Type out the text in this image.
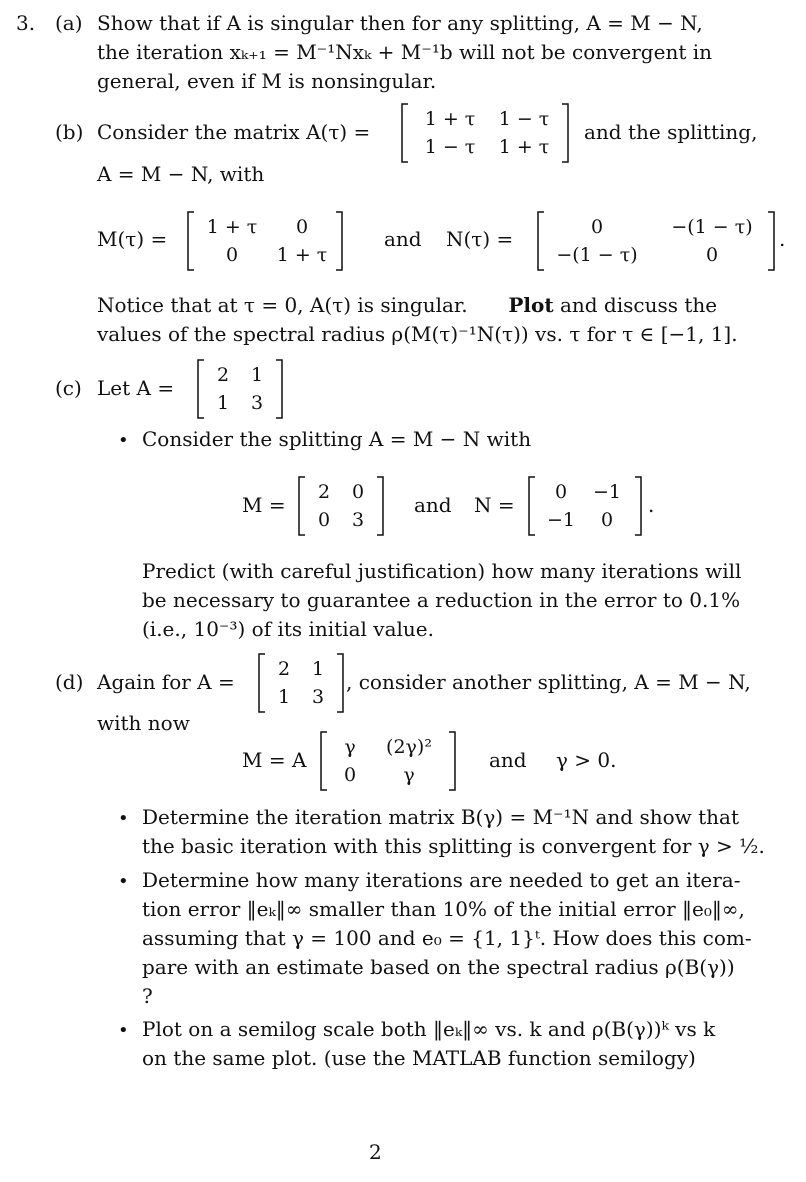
3. (a) Show that if A is singular then for any splitting, A = M − N,
the iteration xₖ₊₁ = M⁻¹Nxₖ + M⁻¹b will not be convergent in
general, even if M is nonsingular.
(b) Consider the matrix A(τ) =
1 + τ	1 − τ
1 − τ	1 + τ
and the splitting,
A = M − N, with
M(τ) =	1 + τ	0
0	1 + τ
and N(τ) =	0	−(1 − τ)
−(1 − τ)	0
.
Notice that at τ = 0, A(τ) is singular. Plot and discuss the
values of the spectral radius ρ(M(τ)⁻¹N(τ)) vs. τ for τ ∈ [−1, 1].
(c) Let A =
2	1
1	3
• Consider the splitting A = M − N with
M =
2	0
0	3
and N =
0	−1
−1	0
.
Predict (with careful justification) how many iterations will
be necessary to guarantee a reduction in the error to 0.1%
(i.e., 10⁻³) of its initial value.
(d) Again for A =
2	1
1	3
, consider another splitting, A = M − N,
with now
M = A
γ	(2γ)²
0	γ
and γ > 0.
• Determine the iteration matrix B(γ) = M⁻¹N and show that
the basic iteration with this splitting is convergent for γ > ½.
• Determine how many iterations are needed to get an itera-
tion error ‖eₖ‖∞ smaller than 10% of the initial error ‖e₀‖∞,
assuming that γ = 100 and e₀ = {1, 1}ᵗ. How does this com-
pare with an estimate based on the spectral radius ρ(B(γ))
?
• Plot on a semilog scale both ‖eₖ‖∞ vs. k and ρ(B(γ))ᵏ vs k
on the same plot. (use the MATLAB function semilogy)
2
